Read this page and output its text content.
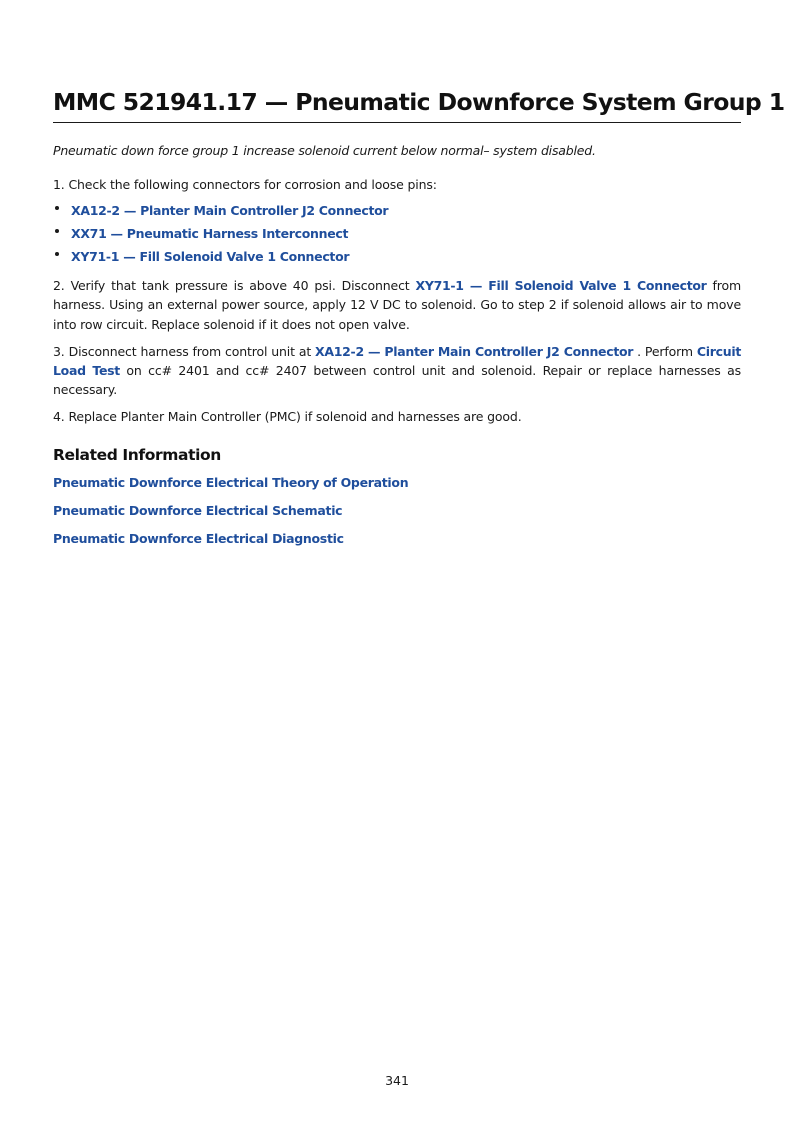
MMC 521941.17 — Pneumatic Downforce System Group 1

Pneumatic down force group 1 increase solenoid current below normal– system disabled.

1. Check the following connectors for corrosion and loose pins:

XA12-2 — Planter Main Controller J2 Connector
XX71 — Pneumatic Harness Interconnect
XY71-1 — Fill Solenoid Valve 1 Connector

2. Verify that tank pressure is above 40 psi. Disconnect XY71-1 — Fill Solenoid Valve 1 Connector from harness. Using an external power source, apply 12 V DC to solenoid. Go to step 2 if solenoid allows air to move into row circuit. Replace solenoid if it does not open valve.

3. Disconnect harness from control unit at XA12-2 — Planter Main Controller J2 Connector . Perform Circuit Load Test on cc# 2401 and cc# 2407 between control unit and solenoid. Repair or replace harnesses as necessary.

4. Replace Planter Main Controller (PMC) if solenoid and harnesses are good.

Related Information
Pneumatic Downforce Electrical Theory of Operation
Pneumatic Downforce Electrical Schematic
Pneumatic Downforce Electrical Diagnostic
341
